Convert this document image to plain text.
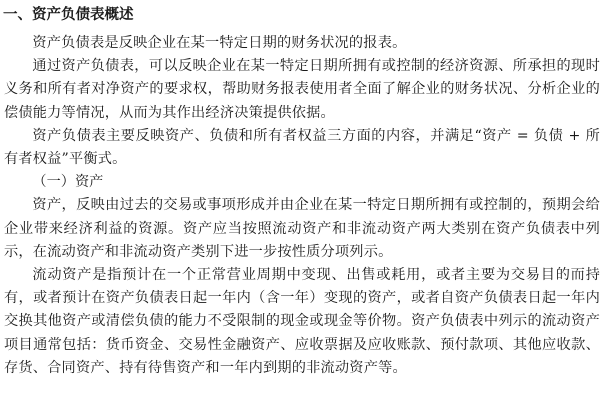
一、资产负债表概述

资产负债表是反映企业在某一特定日期的财务状况的报表。

通过资产负债表，可以反映企业在某一特定日期所拥有或控制的经济资源、所承担的现时义务和所有者对净资产的要求权，帮助财务报表使用者全面了解企业的财务状况、分析企业的偿债能力等情况，从而为其作出经济决策提供依据。

资产负债表主要反映资产、负债和所有者权益三方面的内容，并满足“资产 = 负债 + 所有者权益”平衡式。

（一）资产

资产，反映由过去的交易或事项形成并由企业在某一特定日期所拥有或控制的，预期会给企业带来经济利益的资源。资产应当按照流动资产和非流动资产两大类别在资产负债表中列示，在流动资产和非流动资产类别下进一步按性质分项列示。

流动资产是指预计在一个正常营业周期中变现、出售或耗用，或者主要为交易目的而持有，或者预计在资产负债表日起一年内（含一年）变现的资产，或者自资产负债表日起一年内交换其他资产或清偿负债的能力不受限制的现金或现金等价物。资产负债表中列示的流动资产项目通常包括：货币资金、交易性金融资产、应收票据及应收账款、预付款项、其他应收款、存货、合同资产、持有待售资产和一年内到期的非流动资产等。
